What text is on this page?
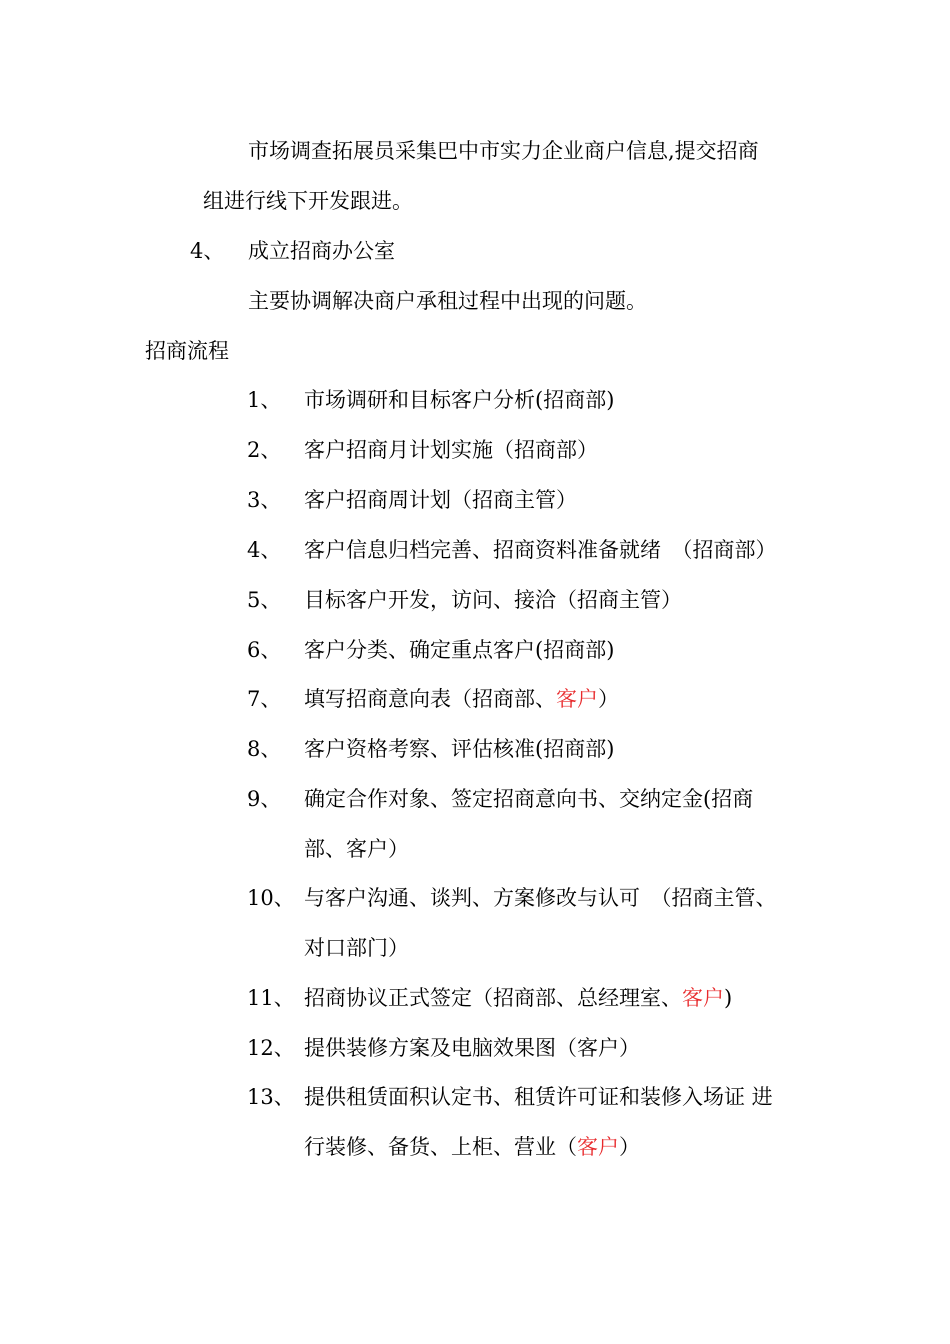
市场调查拓展员采集巴中市实力企业商户信息,提交招商
组进行线下开发跟进。
4、 成立招商办公室
主要协调解决商户承租过程中出现的问题。
招商流程
1、 市场调研和目标客户分析(招商部)
2、 客户招商月计划实施（招商部）
3、 客户招商周计划（招商主管）
4、 客户信息归档完善、招商资料准备就绪　（招商部）
5、 目标客户开发，访问、接洽（招商主管）
6、 客户分类、确定重点客户(招商部)
7、 填写招商意向表（招商部、客户）
8、 客户资格考察、评估核准(招商部)
9、 确定合作对象、签定招商意向书、交纳定金(招商
部、客户）
10、 与客户沟通、谈判、方案修改与认可　（招商主管、
对口部门）
11、 招商协议正式签定（招商部、总经理室、客户)
12、 提供装修方案及电脑效果图（客户）
13、 提供租赁面积认定书、租赁许可证和装修入场证 进
行装修、备货、上柜、营业（客户）
